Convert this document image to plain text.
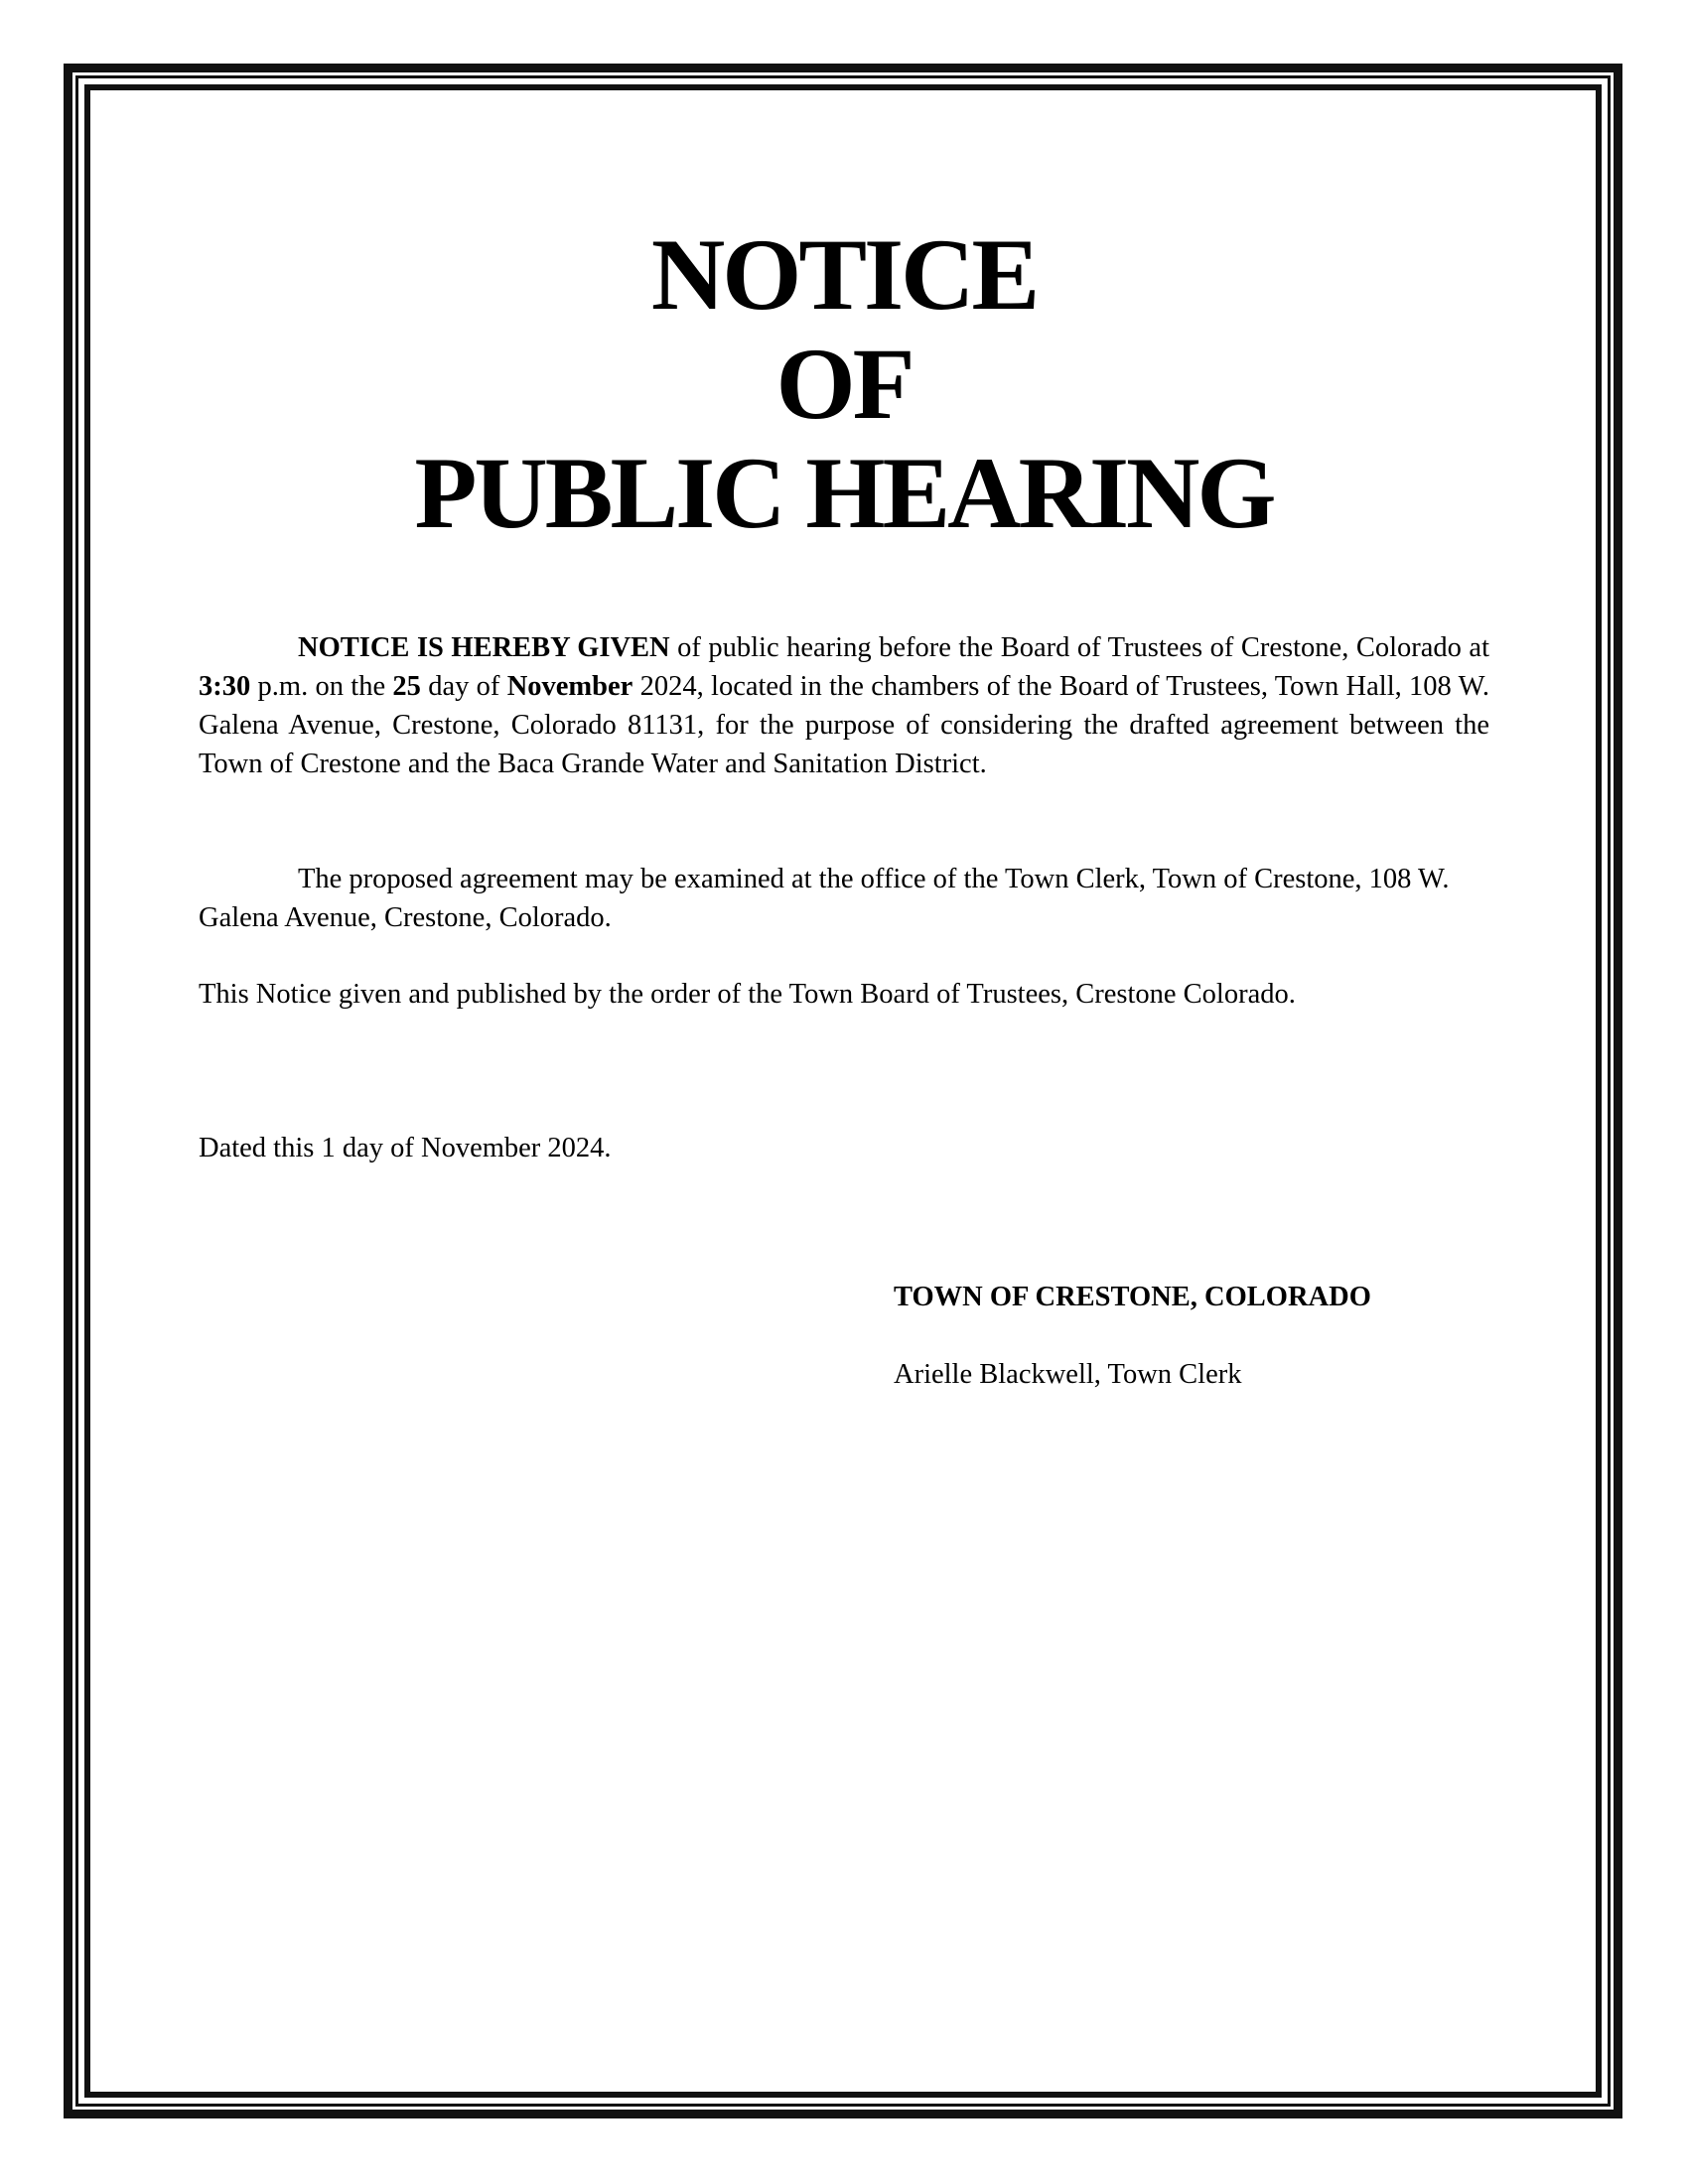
NOTICE
OF
PUBLIC HEARING

NOTICE IS HEREBY GIVEN of public hearing before the Board of Trustees of Crestone, Colorado at 3:30 p.m. on the 25 day of November 2024, located in the chambers of the Board of Trustees, Town Hall, 108 W. Galena Avenue, Crestone, Colorado 81131, for the purpose of considering the drafted agreement between the Town of Crestone and the Baca Grande Water and Sanitation District.

The proposed agreement may be examined at the office of the Town Clerk, Town of Crestone, 108 W. Galena Avenue, Crestone, Colorado.

This Notice given and published by the order of the Town Board of Trustees, Crestone Colorado.

Dated this 1 day of November 2024.

TOWN OF CRESTONE, COLORADO

Arielle Blackwell, Town Clerk
